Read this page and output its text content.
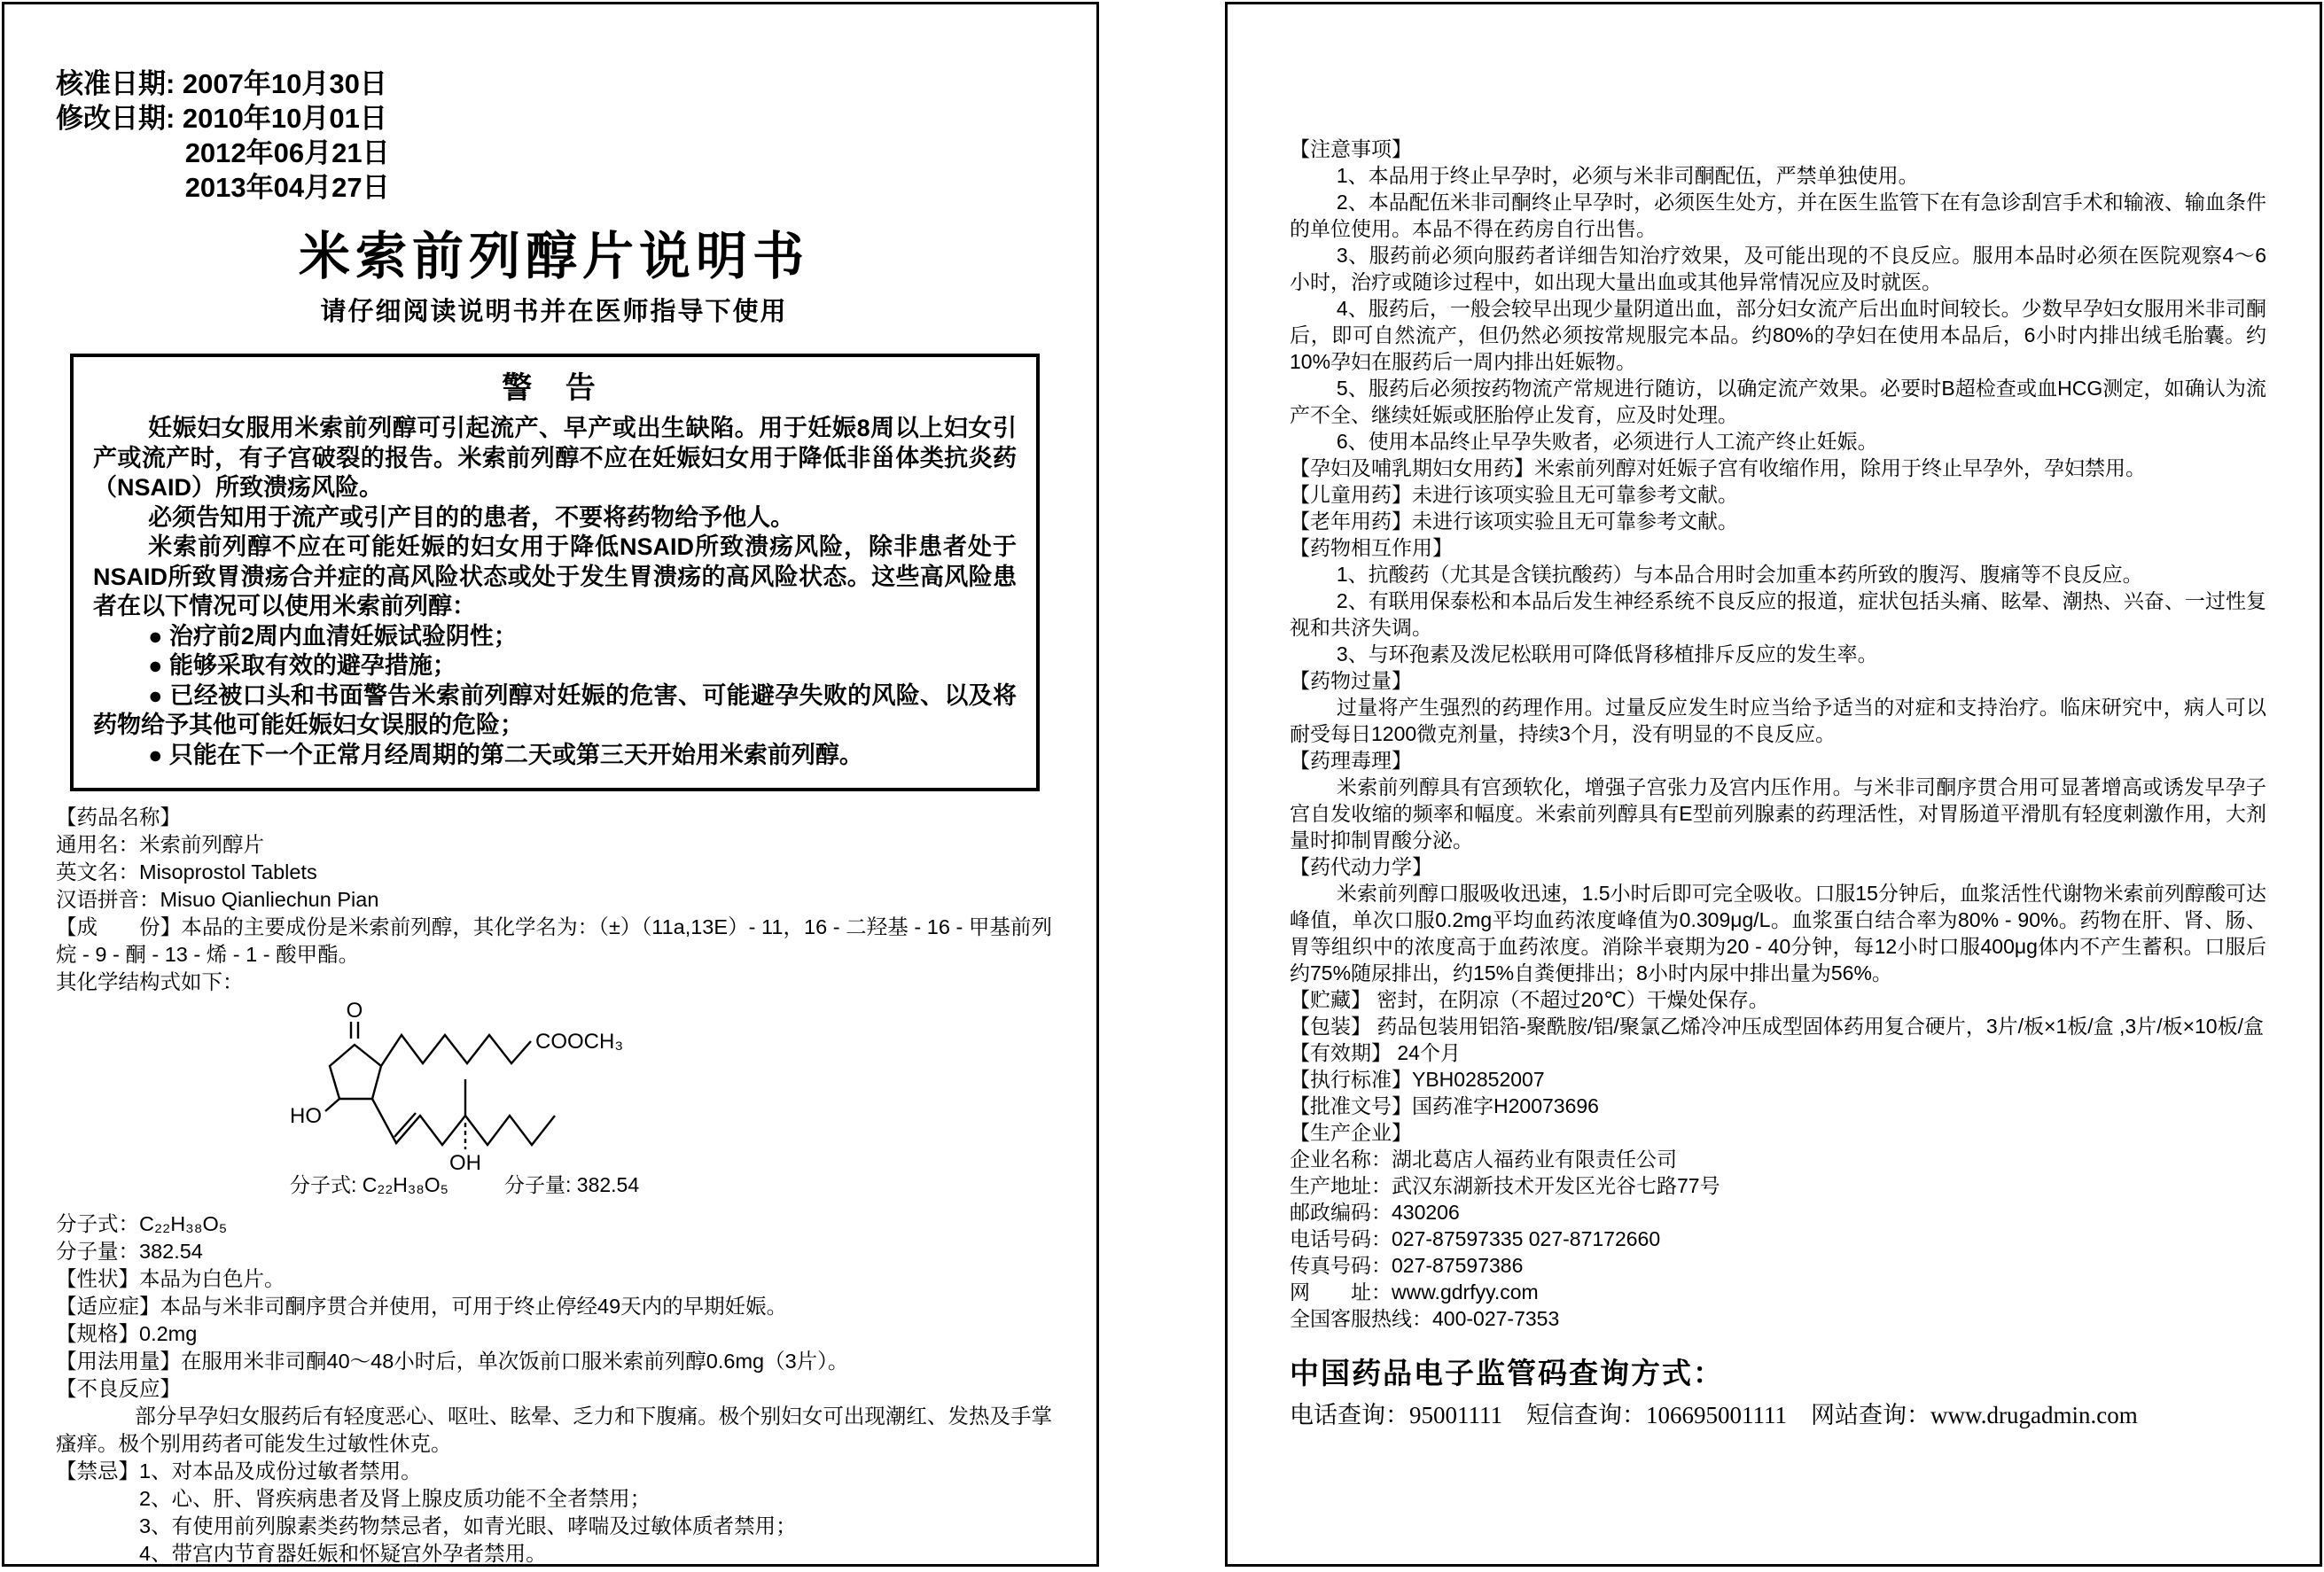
核准日期: 2007年10月30日

修改日期: 2010年10月01日

2012年06月21日

2013年04月27日

米索前列醇片说明书
请仔细阅读说明书并在医师指导下使用
警 告

妊娠妇女服用米索前列醇可引起流产、早产或出生缺陷。用于妊娠8周以上妇女引产或流产时，有子宫破裂的报告。米索前列醇不应在妊娠妇女用于降低非甾体类抗炎药（NSAID）所致溃疡风险。

必须告知用于流产或引产目的的患者，不要将药物给予他人。

米索前列醇不应在可能妊娠的妇女用于降低NSAID所致溃疡风险，除非患者处于NSAID所致胃溃疡合并症的高风险状态或处于发生胃溃疡的高风险状态。这些高风险患者在以下情况可以使用米索前列醇：

● 治疗前2周内血清妊娠试验阴性；

● 能够采取有效的避孕措施；

● 已经被口头和书面警告米索前列醇对妊娠的危害、可能避孕失败的风险、以及将药物给予其他可能妊娠妇女误服的危险；

● 只能在下一个正常月经周期的第二天或第三天开始用米索前列醇。

【药品名称】

通用名：米索前列醇片

英文名：Misoprostol Tablets

汉语拼音：Misuo Qianliechun Pian

【成　　份】本品的主要成份是米索前列醇，其化学名为：（±）（11a,13E）- 11，16 - 二羟基 - 16 - 甲基前列烷 - 9 - 酮 - 13 - 烯 - 1 - 酸甲酯。

其化学结构式如下：

O
HO
OH
COOCH₃
分子式: C₂₂H₃₈O₅	分子量: 382.54

分子式：C₂₂H₃₈O₅

分子量：382.54

【性状】本品为白色片。

【适应症】本品与米非司酮序贯合并使用，可用于终止停经49天内的早期妊娠。

【规格】0.2mg

【用法用量】在服用米非司酮40～48小时后，单次饭前口服米索前列醇0.6mg（3片）。

【不良反应】

部分早孕妇女服药后有轻度恶心、呕吐、眩晕、乏力和下腹痛。极个别妇女可出现潮红、发热及手掌瘙痒。极个别用药者可能发生过敏性休克。

【禁忌】1、对本品及成份过敏者禁用。

2、心、肝、肾疾病患者及肾上腺皮质功能不全者禁用；

3、有使用前列腺素类药物禁忌者，如青光眼、哮喘及过敏体质者禁用；

4、带宫内节育器妊娠和怀疑宫外孕者禁用。

【注意事项】

1、本品用于终止早孕时，必须与米非司酮配伍，严禁单独使用。

2、本品配伍米非司酮终止早孕时，必须医生处方，并在医生监管下在有急诊刮宫手术和输液、输血条件的单位使用。本品不得在药房自行出售。

3、服药前必须向服药者详细告知治疗效果，及可能出现的不良反应。服用本品时必须在医院观察4～6小时，治疗或随诊过程中，如出现大量出血或其他异常情况应及时就医。

4、服药后，一般会较早出现少量阴道出血，部分妇女流产后出血时间较长。少数早孕妇女服用米非司酮后，即可自然流产，但仍然必须按常规服完本品。约80%的孕妇在使用本品后，6小时内排出绒毛胎囊。约10%孕妇在服药后一周内排出妊娠物。

5、服药后必须按药物流产常规进行随访，以确定流产效果。必要时B超检查或血HCG测定，如确认为流产不全、继续妊娠或胚胎停止发育，应及时处理。

6、使用本品终止早孕失败者，必须进行人工流产终止妊娠。

【孕妇及哺乳期妇女用药】米索前列醇对妊娠子宫有收缩作用，除用于终止早孕外，孕妇禁用。

【儿童用药】未进行该项实验且无可靠参考文献。

【老年用药】未进行该项实验且无可靠参考文献。

【药物相互作用】

1、抗酸药（尤其是含镁抗酸药）与本品合用时会加重本药所致的腹泻、腹痛等不良反应。

2、有联用保泰松和本品后发生神经系统不良反应的报道，症状包括头痛、眩晕、潮热、兴奋、一过性复视和共济失调。

3、与环孢素及泼尼松联用可降低肾移植排斥反应的发生率。

【药物过量】

过量将产生强烈的药理作用。过量反应发生时应当给予适当的对症和支持治疗。临床研究中，病人可以耐受每日1200微克剂量，持续3个月，没有明显的不良反应。

【药理毒理】

米索前列醇具有宫颈软化，增强子宫张力及宫内压作用。与米非司酮序贯合用可显著增高或诱发早孕子宫自发收缩的频率和幅度。米索前列醇具有E型前列腺素的药理活性，对胃肠道平滑肌有轻度刺激作用，大剂量时抑制胃酸分泌。

【药代动力学】

米索前列醇口服吸收迅速，1.5小时后即可完全吸收。口服15分钟后，血浆活性代谢物米索前列醇酸可达峰值，单次口服0.2mg平均血药浓度峰值为0.309μg/L。血浆蛋白结合率为80% - 90%。药物在肝、肾、肠、胃等组织中的浓度高于血药浓度。消除半衰期为20 - 40分钟，每12小时口服400μg体内不产生蓄积。口服后约75%随尿排出，约15%自粪便排出；8小时内尿中排出量为56%。

【贮藏】 密封，在阴凉（不超过20℃）干燥处保存。

【包装】 药品包装用铝箔-聚酰胺/铝/聚氯乙烯冷冲压成型固体药用复合硬片，3片/板×1板/盒 ,3片/板×10板/盒

【有效期】 24个月

【执行标准】YBH02852007

【批准文号】国药准字H20073696

【生产企业】

企业名称：湖北葛店人福药业有限责任公司

生产地址：武汉东湖新技术开发区光谷七路77号

邮政编码：430206

电话号码：027-87597335 027-87172660

传真号码：027-87597386

网　　址：www.gdrfyy.com

全国客服热线：400-027-7353

中国药品电子监管码查询方式：
电话查询：95001111　短信查询：106695001111　网站查询：www.drugadmin.com
